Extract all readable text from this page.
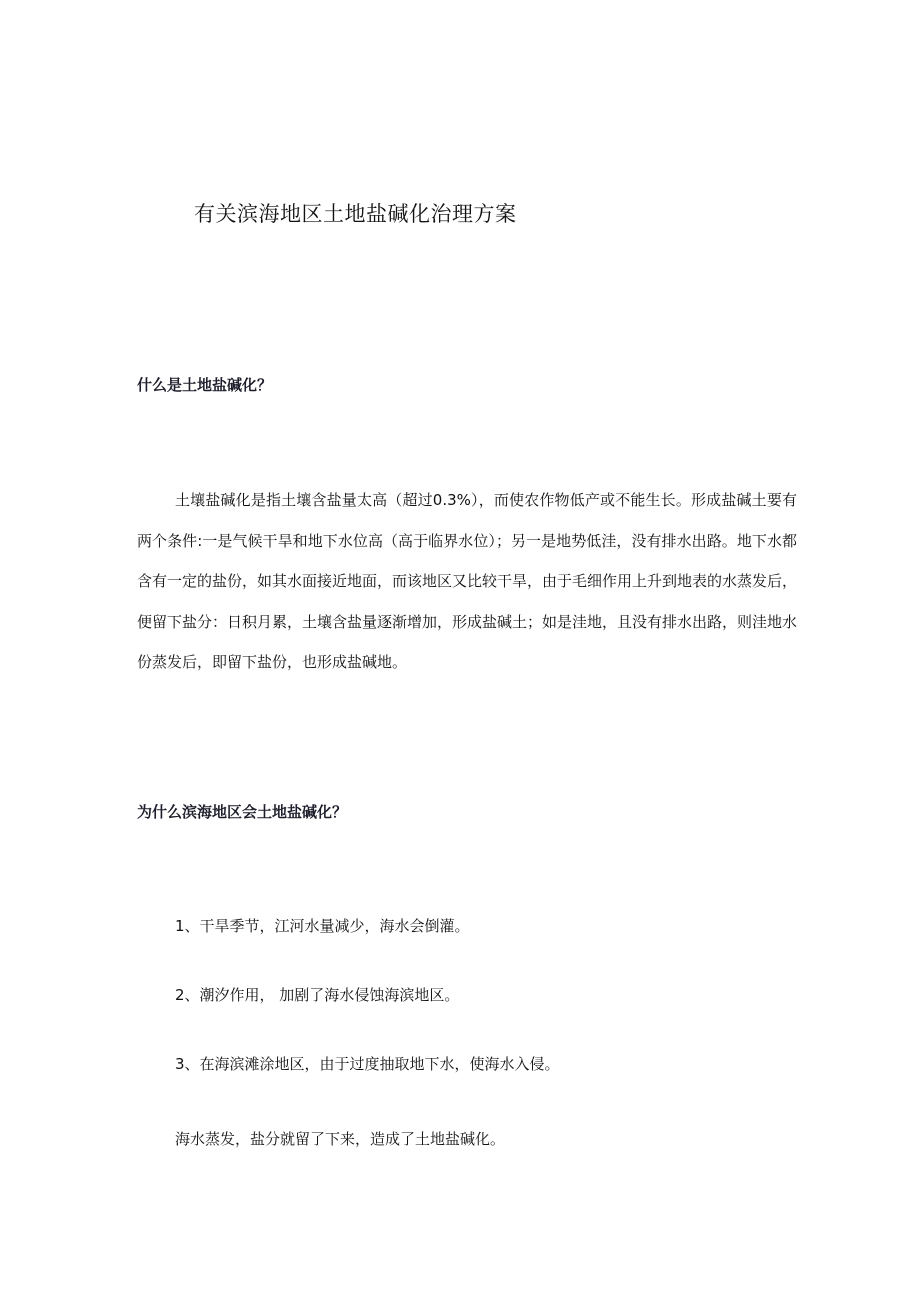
有关滨海地区土地盐碱化治理方案
什么是土地盐碱化？

土壤盐碱化是指土壤含盐量太高（超过0.3%），而使农作物低产或不能生长。形成盐碱土要有两个条件:一是气候干旱和地下水位高（高于临界水位）；另一是地势低洼，没有排水出路。地下水都含有一定的盐份，如其水面接近地面，而该地区又比较干旱，由于毛细作用上升到地表的水蒸发后，便留下盐分：日积月累，土壤含盐量逐渐增加，形成盐碱土；如是洼地，且没有排水出路，则洼地水份蒸发后，即留下盐份，也形成盐碱地。

为什么滨海地区会土地盐碱化？

1、干旱季节，江河水量减少，海水会倒灌。

2、潮汐作用， 加剧了海水侵蚀海滨地区。

3、在海滨滩涂地区，由于过度抽取地下水，使海水入侵。

海水蒸发，盐分就留了下来，造成了土地盐碱化。
